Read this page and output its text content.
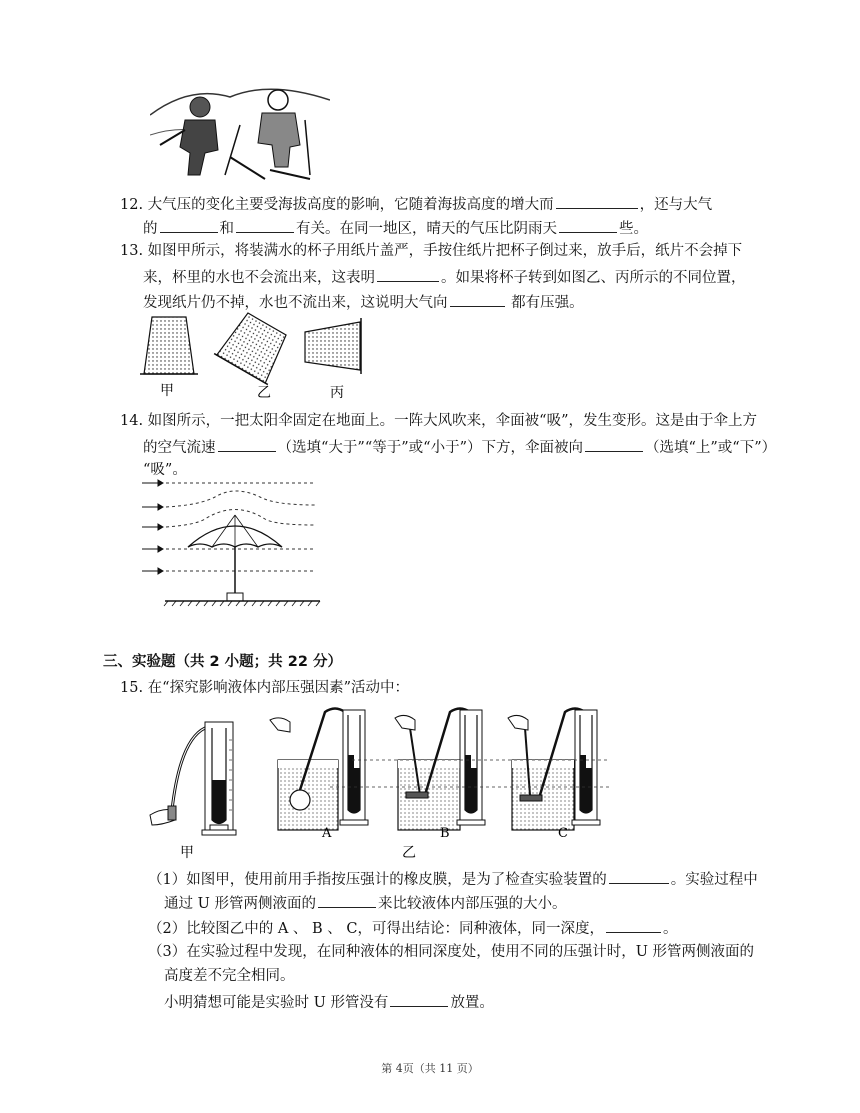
12. 大气压的变化主要受海拔高度的影响，它随着海拔高度的增大而	，还与大气
的	和	有关。在同一地区，晴天的气压比阴雨天	些。
13. 如图甲所示，将装满水的杯子用纸片盖严，手按住纸片把杯子倒过来，放手后，纸片不会掉下
来，杯里的水也不会流出来，这表明	。如果将杯子转到如图乙、丙所示的不同位置，
发现纸片仍不掉，水也不流出来，这说明大气向	都有压强。
甲	乙	丙
14. 如图所示，一把太阳伞固定在地面上。一阵大风吹来，伞面被“吸”，发生变形。这是由于伞上方
的空气流速	（选填“大于”“等于”或“小于”）下方，伞面被向	（选填“上”或“下”）
“吸”。
三、实验题（共 2 小题；共 22 分）
15. 在“探究影响液体内部压强因素”活动中：
甲
A	B
乙
C
（1）如图甲，使用前用手指按压强计的橡皮膜，是为了检查实验装置的	。实验过程中
通过 U 形管两侧液面的	来比较液体内部压强的大小。
（2）比较图乙中的 A 、 B 、 C，可得出结论：同种液体，同一深度，	。
（3）在实验过程中发现，在同种液体的相同深度处，使用不同的压强计时，U 形管两侧液面的
高度差不完全相同。
小明猜想可能是实验时 U 形管没有	放置。
第 4页（共 11 页）
